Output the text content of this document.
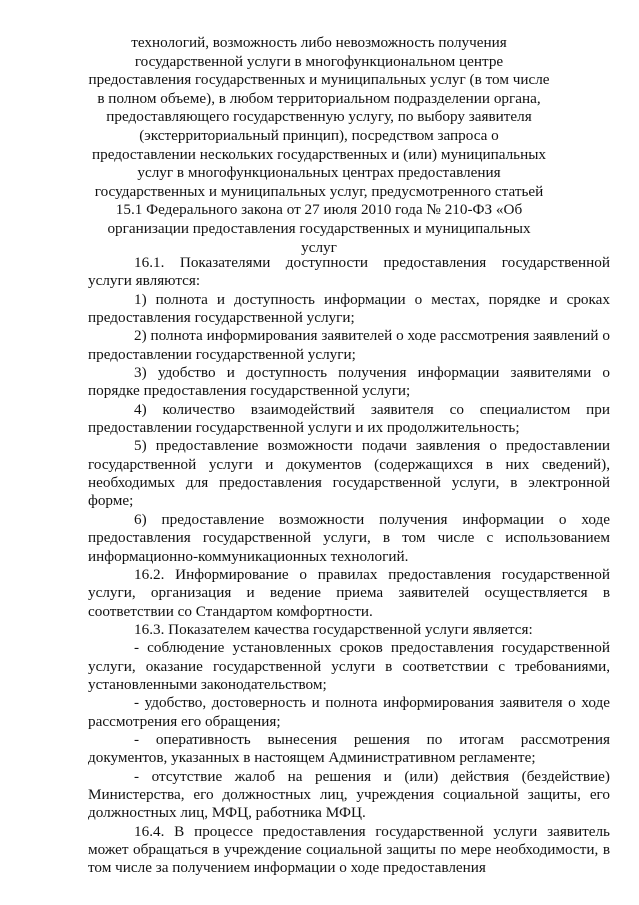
технологий, возможность либо невозможность получения государственной услуги в многофункциональном центре предоставления государственных и муниципальных услуг (в том числе в полном объеме), в любом территориальном подразделении органа, предоставляющего государственную услугу, по выбору заявителя (экстерриториальный принцип), посредством запроса о предоставлении нескольких государственных и (или) муниципальных услуг в многофункциональных центрах предоставления государственных и муниципальных услуг, предусмотренного статьей 15.1 Федерального закона от 27 июля 2010 года № 210-ФЗ «Об организации предоставления государственных и муниципальных услуг

16.1. Показателями доступности предоставления государственной услуги являются:

1) полнота и доступность информации о местах, порядке и сроках предоставления государственной услуги;

2) полнота информирования заявителей о ходе рассмотрения заявлений о предоставлении государственной услуги;

3) удобство и доступность получения информации заявителями о порядке предоставления государственной услуги;

4) количество взаимодействий заявителя со специалистом при предоставлении государственной услуги и их продолжительность;

5) предоставление возможности подачи заявления о предоставлении государственной услуги и документов (содержащихся в них сведений), необходимых для предоставления государственной услуги, в электронной форме;

6) предоставление возможности получения информации о ходе предоставления государственной услуги, в том числе с использованием информационно-коммуникационных технологий.

16.2. Информирование о правилах предоставления государственной услуги, организация и ведение приема заявителей осуществляется в соответствии со Стандартом комфортности.

16.3. Показателем качества государственной услуги является:

- соблюдение установленных сроков предоставления государственной услуги, оказание государственной услуги в соответствии с требованиями, установленными законодательством;

- удобство, достоверность и полнота информирования заявителя о ходе рассмотрения его обращения;

- оперативность вынесения решения по итогам рассмотрения документов, указанных в настоящем Административном регламенте;

- отсутствие жалоб на решения и (или) действия (бездействие) Министерства, его должностных лиц, учреждения социальной защиты, его должностных лиц, МФЦ, работника МФЦ.

16.4. В процессе предоставления государственной услуги заявитель может обращаться в учреждение социальной защиты по мере необходимости, в том числе за получением информации о ходе предоставления
